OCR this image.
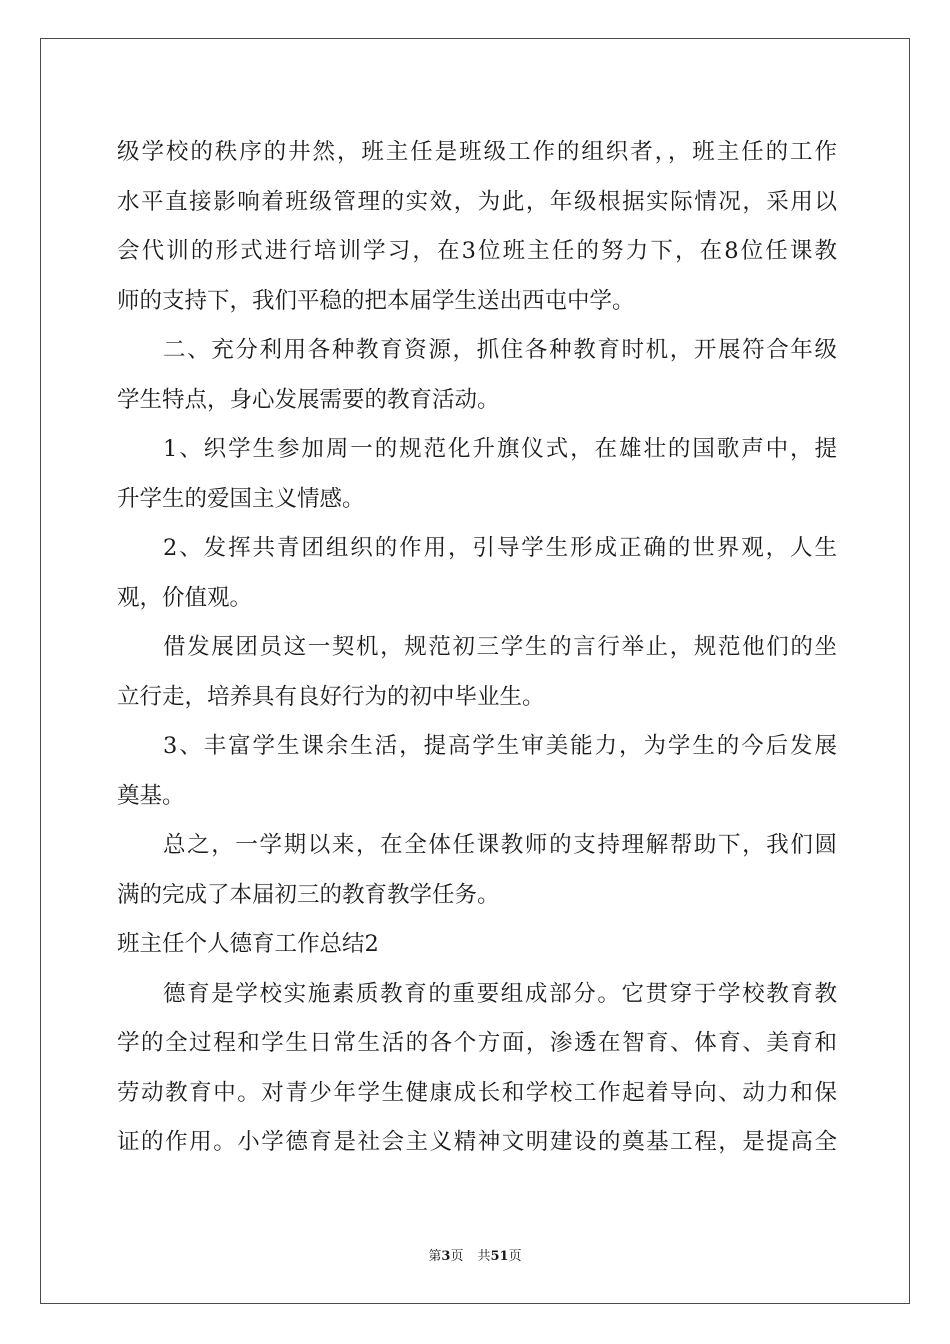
级学校的秩序的井然，班主任是班级工作的组织者，，班主任的工作
水平直接影响着班级管理的实效，为此，年级根据实际情况，采用以
会代训的形式进行培训学习，在3位班主任的努力下，在8位任课教
师的支持下，我们平稳的把本届学生送出西屯中学。
二、充分利用各种教育资源，抓住各种教育时机，开展符合年级
学生特点，身心发展需要的教育活动。
1、织学生参加周一的规范化升旗仪式，在雄壮的国歌声中，提
升学生的爱国主义情感。
2、发挥共青团组织的作用，引导学生形成正确的世界观，人生
观，价值观。
借发展团员这一契机，规范初三学生的言行举止，规范他们的坐
立行走，培养具有良好行为的初中毕业生。
3、丰富学生课余生活，提高学生审美能力，为学生的今后发展
奠基。
总之，一学期以来，在全体任课教师的支持理解帮助下，我们圆
满的完成了本届初三的教育教学任务。
班主任个人德育工作总结2
德育是学校实施素质教育的重要组成部分。它贯穿于学校教育教
学的全过程和学生日常生活的各个方面，渗透在智育、体育、美育和
劳动教育中。对青少年学生健康成长和学校工作起着导向、动力和保
证的作用。小学德育是社会主义精神文明建设的奠基工程，是提高全
第3页 共51页
